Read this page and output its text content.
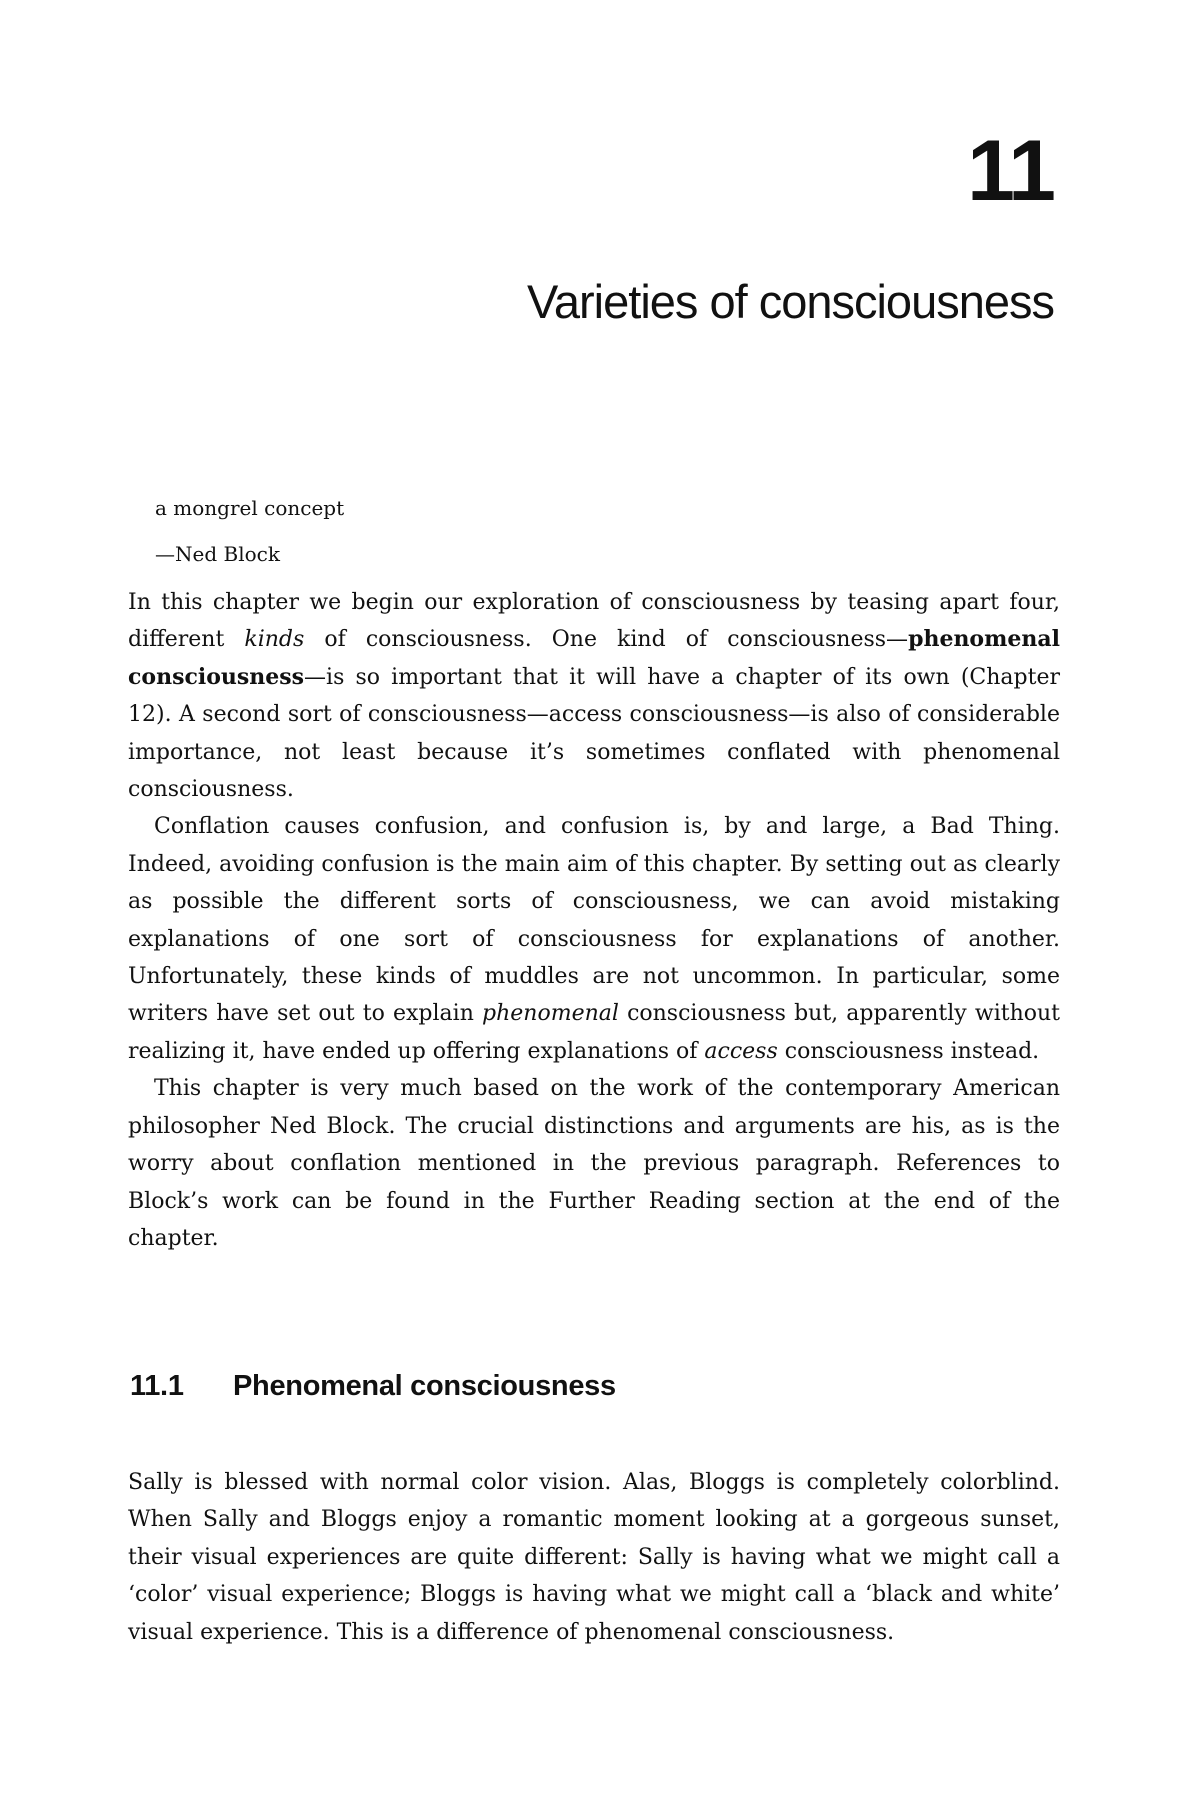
11
Varieties of consciousness

a mongrel concept

—Ned Block

In this chapter we begin our exploration of consciousness by teasing apart four, different kinds of consciousness. One kind of consciousness—phenomenal consciousness—is so important that it will have a chapter of its own (Chapter 12). A second sort of consciousness—access consciousness—is also of considerable importance, not least because it’s sometimes conflated with phenomenal consciousness.

Conflation causes confusion, and confusion is, by and large, a Bad Thing. Indeed, avoiding confusion is the main aim of this chapter. By setting out as clearly as possible the different sorts of consciousness, we can avoid mistaking explanations of one sort of consciousness for explanations of another. Unfortunately, these kinds of muddles are not uncommon. In particular, some writers have set out to explain phenomenal consciousness but, apparently without realizing it, have ended up offering explanations of access consciousness instead.

This chapter is very much based on the work of the contemporary American philosopher Ned Block. The crucial distinctions and arguments are his, as is the worry about conflation mentioned in the previous paragraph. References to Block’s work can be found in the Further Reading section at the end of the chapter.

11.1 Phenomenal consciousness

Sally is blessed with normal color vision. Alas, Bloggs is completely colorblind. When Sally and Bloggs enjoy a romantic moment looking at a gorgeous sunset, their visual experiences are quite different: Sally is having what we might call a ‘color’ visual experience; Bloggs is having what we might call a ‘black and white’ visual experience. This is a difference of phenomenal consciousness.
